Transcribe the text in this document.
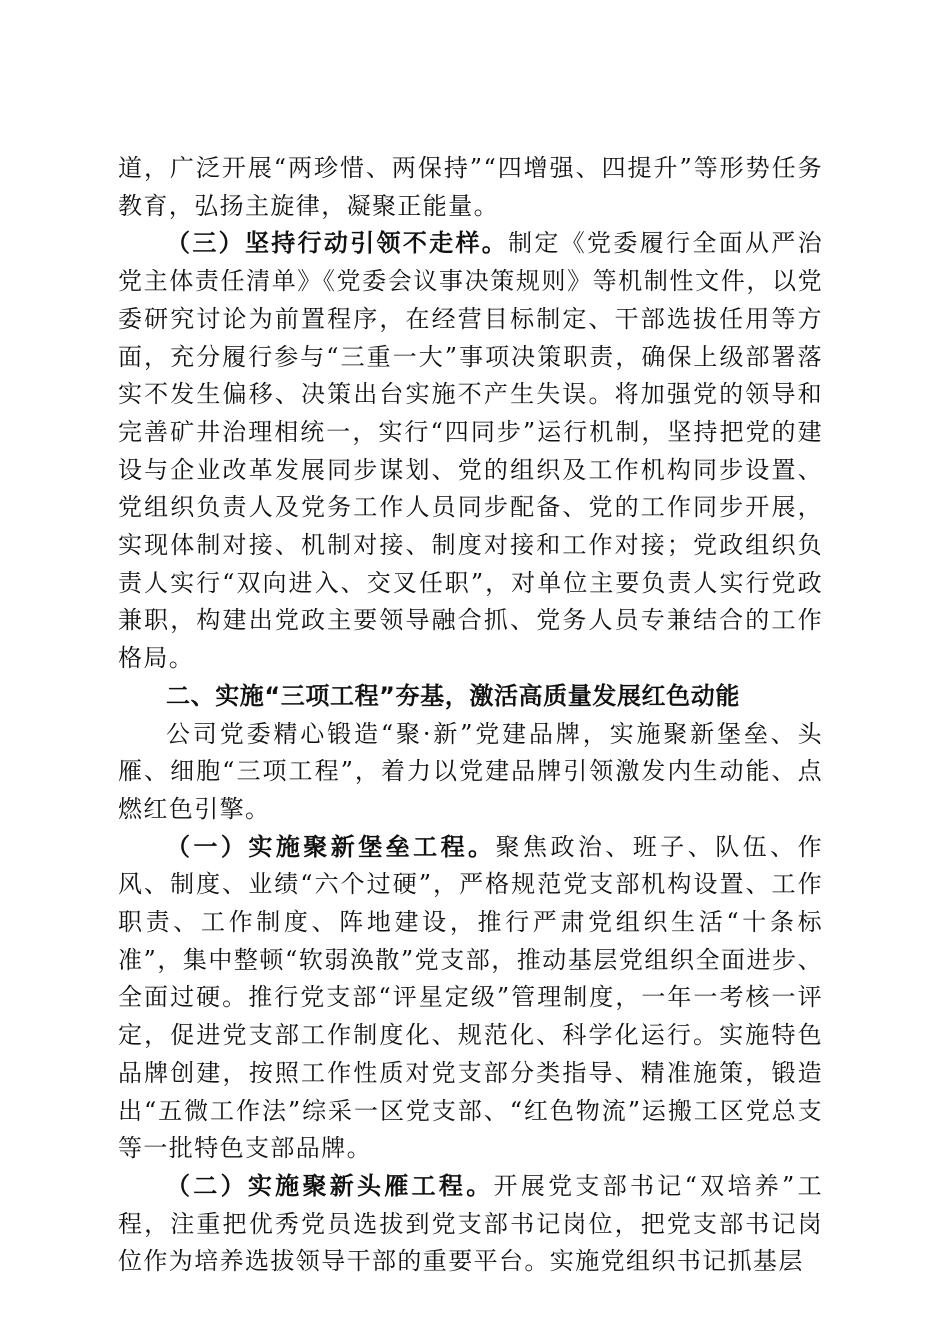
道，广泛开展“两珍惜、两保持”“四增强、四提升”等形势任务教育，弘扬主旋律，凝聚正能量。

（三）坚持行动引领不走样。制定《党委履行全面从严治党主体责任清单》《党委会议事决策规则》等机制性文件，以党委研究讨论为前置程序，在经营目标制定、干部选拔任用等方面，充分履行参与“三重一大”事项决策职责，确保上级部署落实不发生偏移、决策出台实施不产生失误。将加强党的领导和完善矿井治理相统一，实行“四同步”运行机制，坚持把党的建设与企业改革发展同步谋划、党的组织及工作机构同步设置、党组织负责人及党务工作人员同步配备、党的工作同步开展，实现体制对接、机制对接、制度对接和工作对接；党政组织负责人实行“双向进入、交叉任职”，对单位主要负责人实行党政兼职，构建出党政主要领导融合抓、党务人员专兼结合的工作格局。

二、实施“三项工程”夯基，激活高质量发展红色动能

公司党委精心锻造“聚·新”党建品牌，实施聚新堡垒、头雁、细胞“三项工程”，着力以党建品牌引领激发内生动能、点燃红色引擎。

（一）实施聚新堡垒工程。聚焦政治、班子、队伍、作风、制度、业绩“六个过硬”，严格规范党支部机构设置、工作职责、工作制度、阵地建设，推行严肃党组织生活“十条标准”，集中整顿“软弱涣散”党支部，推动基层党组织全面进步、全面过硬。推行党支部“评星定级”管理制度，一年一考核一评定，促进党支部工作制度化、规范化、科学化运行。实施特色品牌创建，按照工作性质对党支部分类指导、精准施策，锻造出“五微工作法”综采一区党支部、“红色物流”运搬工区党总支等一批特色支部品牌。

（二）实施聚新头雁工程。开展党支部书记“双培养”工程，注重把优秀党员选拔到党支部书记岗位，把党支部书记岗位作为培养选拔领导干部的重要平台。实施党组织书记抓基层
